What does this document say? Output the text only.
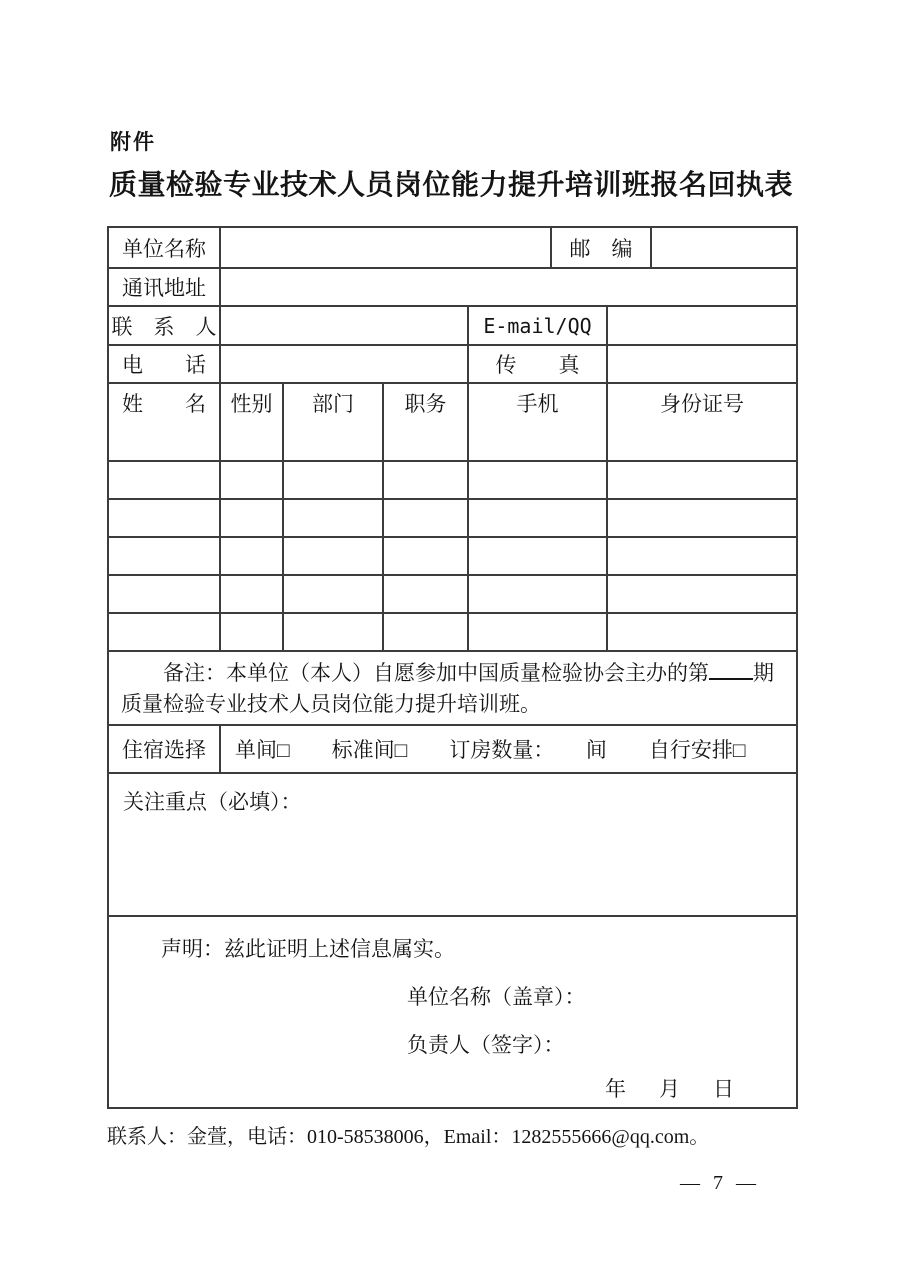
附件
质量检验专业技术人员岗位能力提升培训班报名回执表
单位名称	邮　编
通讯地址
联　系　人	E-mail/QQ
电　　话	传　　真
姓　　名	性别	部门	职务	手机	身份证号
备注：本单位（本人）自愿参加中国质量检验协会主办的第 期
质量检验专业技术人员岗位能力提升培训班。
住宿选择	单间□　　标准间□　　订房数量：　　间　　自行安排□
关注重点（必填）：
声明：兹此证明上述信息属实。
单位名称（盖章）：
负责人（签字）：
年　月　日
联系人：金萱，电话：010-58538006，Email：1282555666@qq.com。
— 7 —
